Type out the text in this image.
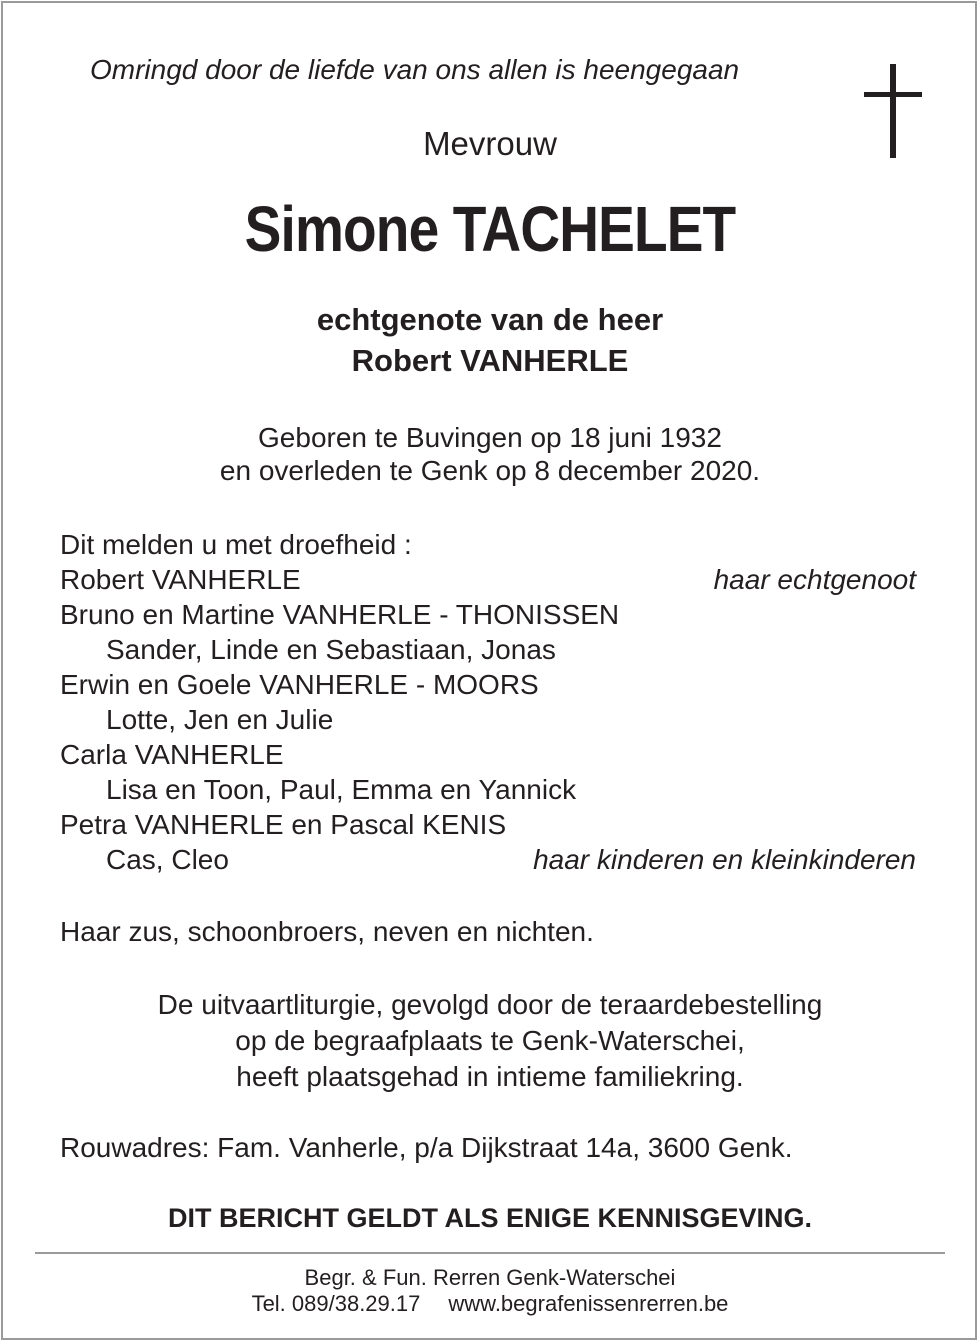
Omringd door de liefde van ons allen is heengegaan
Mevrouw
Simone TACHELET
echtgenote van de heer
Robert VANHERLE
Geboren te Buvingen op 18 juni 1932
en overleden te Genk op 8 december 2020.
Dit melden u met droefheid :
Robert VANHERLE	haar echtgenoot
Bruno en Martine VANHERLE - THONISSEN
Sander, Linde en Sebastiaan, Jonas
Erwin en Goele VANHERLE - MOORS
Lotte, Jen en Julie
Carla VANHERLE
Lisa en Toon, Paul, Emma en Yannick
Petra VANHERLE en Pascal KENIS
Cas, Cleo	haar kinderen en kleinkinderen
Haar zus, schoonbroers, neven en nichten.
De uitvaartliturgie, gevolgd door de teraardebestelling
op de begraafplaats te Genk-Waterschei,
heeft plaatsgehad in intieme familiekring.
Rouwadres: Fam. Vanherle, p/a Dijkstraat 14a, 3600 Genk.
DIT BERICHT GELDT ALS ENIGE KENNISGEVING.
Begr. & Fun. Rerren Genk-Waterschei
Tel. 089/38.29.17 www.begrafenissenrerren.be
